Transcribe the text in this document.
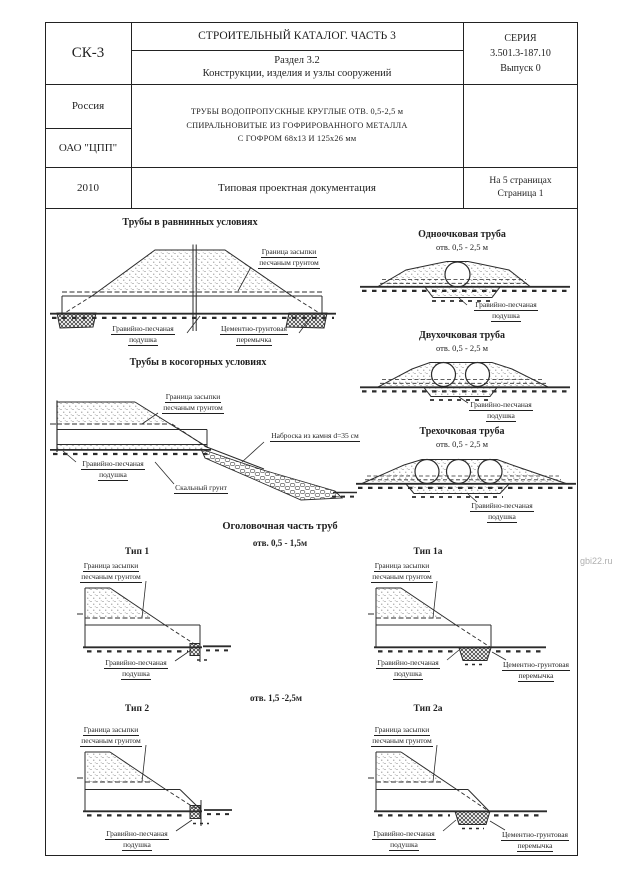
СК-3
СТРОИТЕЛЬНЫЙ КАТАЛОГ. ЧАСТЬ 3
Раздел 3.2
Конструкции, изделия и узлы сооружений
СЕРИЯ
3.501.3-187.10
Выпуск 0
Россия
ОАО "ЦПП"
ТРУБЫ ВОДОПРОПУСКНЫЕ КРУГЛЫЕ ОТВ. 0,5-2,5 м
СПИРАЛЬНОВИТЫЕ ИЗ ГОФРИРОВАННОГО МЕТАЛЛА
С ГОФРОМ 68х13 И 125х26 мм
2010	Типовая проектная документация
На 5 страницах
Страница 1
Трубы в равнинных условиях
Трубы в косогорных условиях
Одноочковая труба
отв. 0,5 - 2,5 м
Двухочковая труба
отв. 0,5 - 2,5 м
Трехочковая труба
отв. 0,5 - 2,5 м
Оголовочная часть труб
отв. 0,5 - 1,5м
отв. 1,5 -2,5м
Тип 1	Тип 1а
Тип 2	Тип 2а
Граница засыпки
песчаным грунтом
Гравийно-песчаная
подушка
Цементно-грунтовая
перемычка
Гравийно-песчаная
подушка
Гравийно-песчаная
подушка
Гравийно-песчаная
подушка
Граница засыпки
песчаным грунтом
Наброска из камня d=35 см
Гравийно-песчаная
подушка
Скальный грунт
Граница засыпки
песчаным грунтом
Гравийно-песчаная
подушка
Граница засыпки
песчаным грунтом
Гравийно-песчаная
подушка
Цементно-грунтовая
перемычка
Граница засыпки
песчаным грунтом
Гравийно-песчаная
подушка
Граница засыпки
песчаным грунтом
Гравийно-песчаная
подушка
Цементно-грунтовая
перемычка
gbi22.ru
